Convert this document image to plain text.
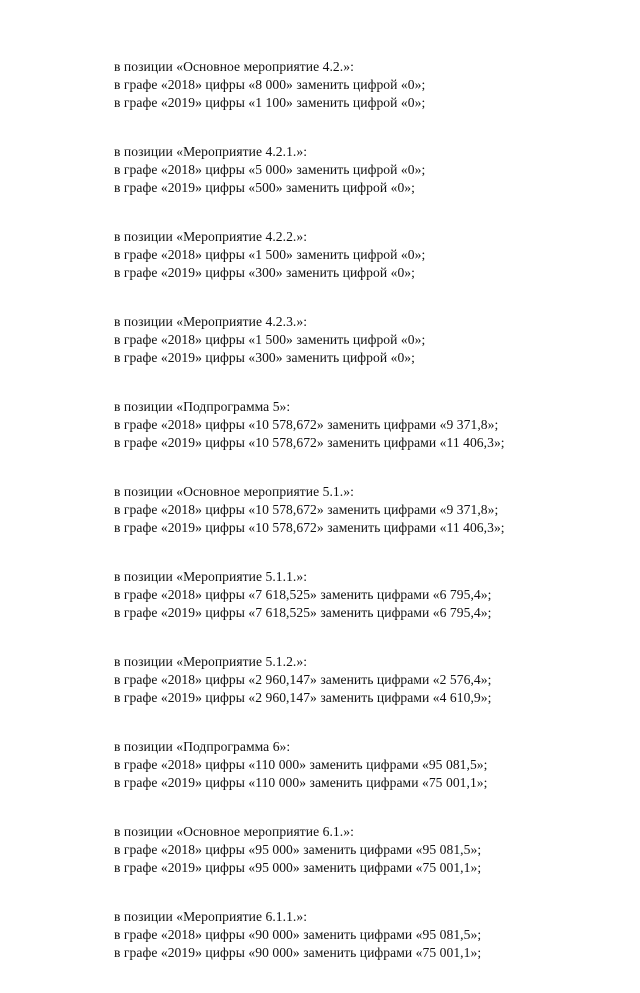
в позиции «Основное мероприятие 4.2.»:
в графе «2018» цифры «8 000» заменить цифрой «0»;
в графе «2019» цифры «1 100» заменить цифрой «0»;
в позиции «Мероприятие 4.2.1.»:
в графе «2018» цифры «5 000» заменить цифрой «0»;
в графе «2019» цифры «500» заменить цифрой «0»;
в позиции «Мероприятие 4.2.2.»:
в графе «2018» цифры «1 500» заменить цифрой «0»;
в графе «2019» цифры «300» заменить цифрой «0»;
в позиции «Мероприятие 4.2.3.»:
в графе «2018» цифры «1 500» заменить цифрой «0»;
в графе «2019» цифры «300» заменить цифрой «0»;
в позиции «Подпрограмма 5»:
в графе «2018» цифры «10 578,672» заменить цифрами «9 371,8»;
в графе «2019» цифры «10 578,672» заменить цифрами «11 406,3»;
в позиции «Основное мероприятие 5.1.»:
в графе «2018» цифры «10 578,672» заменить цифрами «9 371,8»;
в графе «2019» цифры «10 578,672» заменить цифрами «11 406,3»;
в позиции «Мероприятие 5.1.1.»:
в графе «2018» цифры «7 618,525» заменить цифрами «6 795,4»;
в графе «2019» цифры «7 618,525» заменить цифрами «6 795,4»;
в позиции «Мероприятие 5.1.2.»:
в графе «2018» цифры «2 960,147» заменить цифрами «2 576,4»;
в графе «2019» цифры «2 960,147» заменить цифрами «4 610,9»;
в позиции «Подпрограмма 6»:
в графе «2018» цифры «110 000» заменить цифрами «95 081,5»;
в графе «2019» цифры «110 000» заменить цифрами «75 001,1»;
в позиции «Основное мероприятие 6.1.»:
в графе «2018» цифры «95 000» заменить цифрами «95 081,5»;
в графе «2019» цифры «95 000» заменить цифрами «75 001,1»;
в позиции «Мероприятие 6.1.1.»:
в графе «2018» цифры «90 000» заменить цифрами «95 081,5»;
в графе «2019» цифры «90 000» заменить цифрами «75 001,1»;
